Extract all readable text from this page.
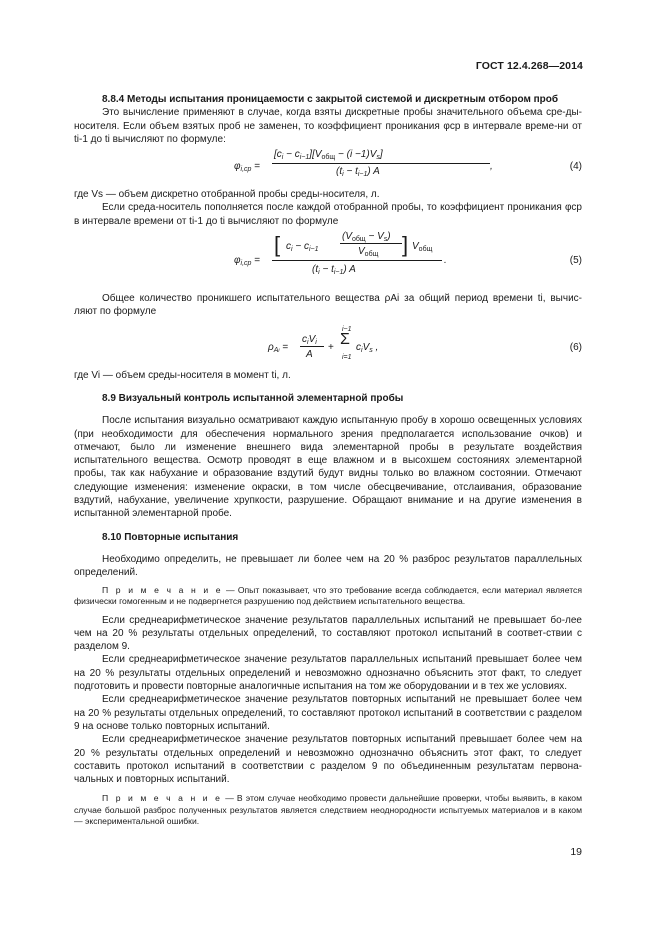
ГОСТ 12.4.268—2014

8.8.4 Методы испытания проницаемости с закрытой системой и дискретным отбором проб

Это вычисление применяют в случае, когда взяты дискретные пробы значительного объема сре-ды-носителя. Если объем взятых проб не заменен, то коэффициент проникания φср в интервале време-ни от ti-1 до ti вычисляют по формуле:

$\varphi_{i,cp}$ =
$[c_i - c_{i-1}][V_{общ} - (i -1)V_s]$
$(t_i - t_{i-1})$ A	,	(4)

где Vs — объем дискретно отобранной пробы среды-носителя, л.

Если среда-носитель пополняется после каждой отобранной пробы, то коэффициент проникания φср в интервале времени от ti-1 до ti вычисляют по формуле

$\varphi_{i,cp}$ =
[ $c_i - c_{i-1}$
$(V_{общ} - V_s)$
$V_{общ}$ ] $V_{общ}$
$(t_i - t_{i-1})$ A
.	(5)

Общее количество проникшего испытательного вещества ρAi за общий период времени ti, вычис-ляют по формуле

$\rho_{Ai}$ =
$c_iV_i$
A
+
i−1
Σ
i=1
$c_iV_s$ ,	(6)

где Vi — объем среды-носителя в момент ti, л.

8.9 Визуальный контроль испытанной элементарной пробы

После испытания визуально осматривают каждую испытанную пробу в хорошо освещенных условиях (при необходимости для обеспечения нормального зрения предполагается использование очков) и отмечают, было ли изменение внешнего вида элементарной пробы в результате воздействия испытательного вещества. Осмотр проводят в еще влажном и в высохшем состояниях элементарной пробы, так как набухание и образование вздутий будут видны только во влажном состоянии. Отмечают следующие изменения: изменение окраски, в том числе обесцвечивание, отслаивания, образование вздутий, набухание, увеличение хрупкости, разрушение. Обращают внимание и на другие изменения в испытанной элементарной пробе.

8.10 Повторные испытания

Необходимо определить, не превышает ли более чем на 20 % разброс результатов параллельных определений.

П р и м е ч а н и е — Опыт показывает, что это требование всегда соблюдается, если материал является физически гомогенным и не подвергнется разрушению под действием испытательного вещества.

Если среднеарифметическое значение результатов параллельных испытаний не превышает бо-лее чем на 20 % результаты отдельных определений, то составляют протокол испытаний в соответ-ствии с разделом 9.

Если среднеарифметическое значение результатов параллельных испытаний превышает более чем на 20 % результаты отдельных определений и невозможно однозначно объяснить этот факт, то следует подготовить и провести повторные аналогичные испытания на том же оборудовании и в тех же условиях.

Если среднеарифметическое значение результатов повторных испытаний не превышает более чем на 20 % результаты отдельных определений, то составляют протокол испытаний в соответствии с разделом 9 на основе только повторных испытаний.

Если среднеарифметическое значение результатов повторных испытаний превышает более чем на 20 % результаты отдельных определений и невозможно однозначно объяснить этот факт, то следует составить протокол испытаний в соответствии с разделом 9 по объединенным результатам первона-чальных и повторных испытаний.

П р и м е ч а н и е — В этом случае необходимо провести дальнейшие проверки, чтобы выявить, в каком случае большой разброс полученных результатов является следствием неоднородности испытуемых материалов и в каком — экспериментальной ошибки.

19
